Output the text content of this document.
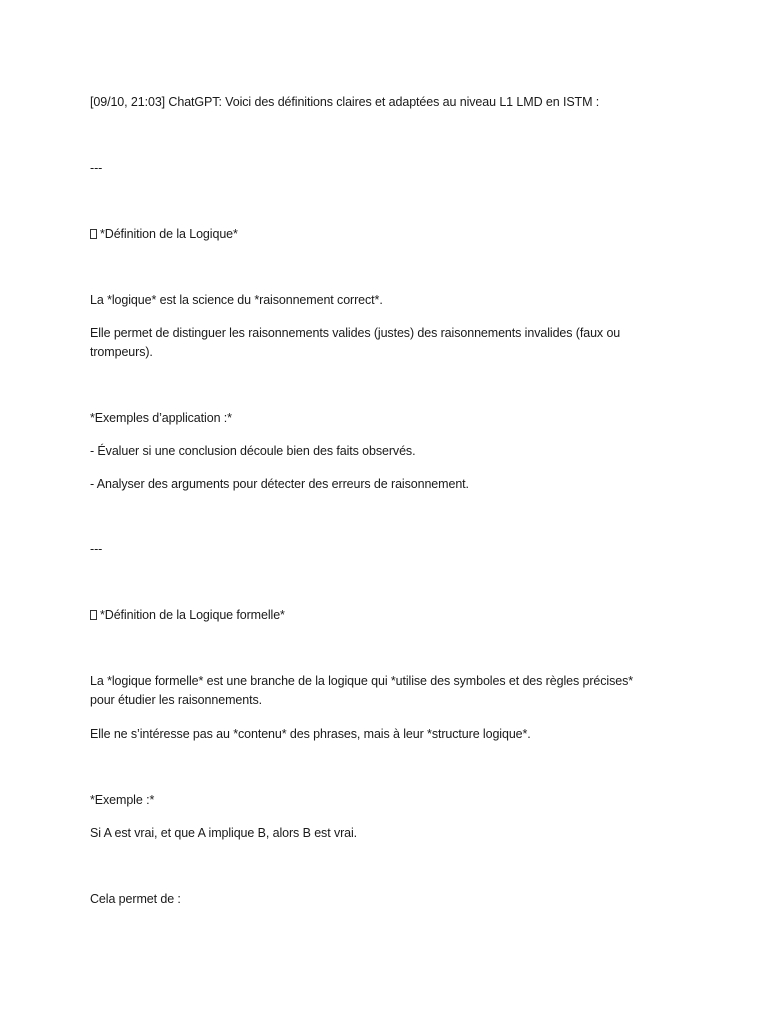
[09/10, 21:03] ChatGPT: Voici des définitions claires et adaptées au niveau L1 LMD en ISTM :

---

*Définition de la Logique*

La *logique* est la science du *raisonnement correct*.

Elle permet de distinguer les raisonnements valides (justes) des raisonnements invalides (faux ou trompeurs).

*Exemples d’application :*

- Évaluer si une conclusion découle bien des faits observés.

- Analyser des arguments pour détecter des erreurs de raisonnement.

---

*Définition de la Logique formelle*

La *logique formelle* est une branche de la logique qui *utilise des symboles et des règles précises* pour étudier les raisonnements.

Elle ne s’intéresse pas au *contenu* des phrases, mais à leur *structure logique*.

*Exemple :*

Si A est vrai, et que A implique B, alors B est vrai.

Cela permet de :
